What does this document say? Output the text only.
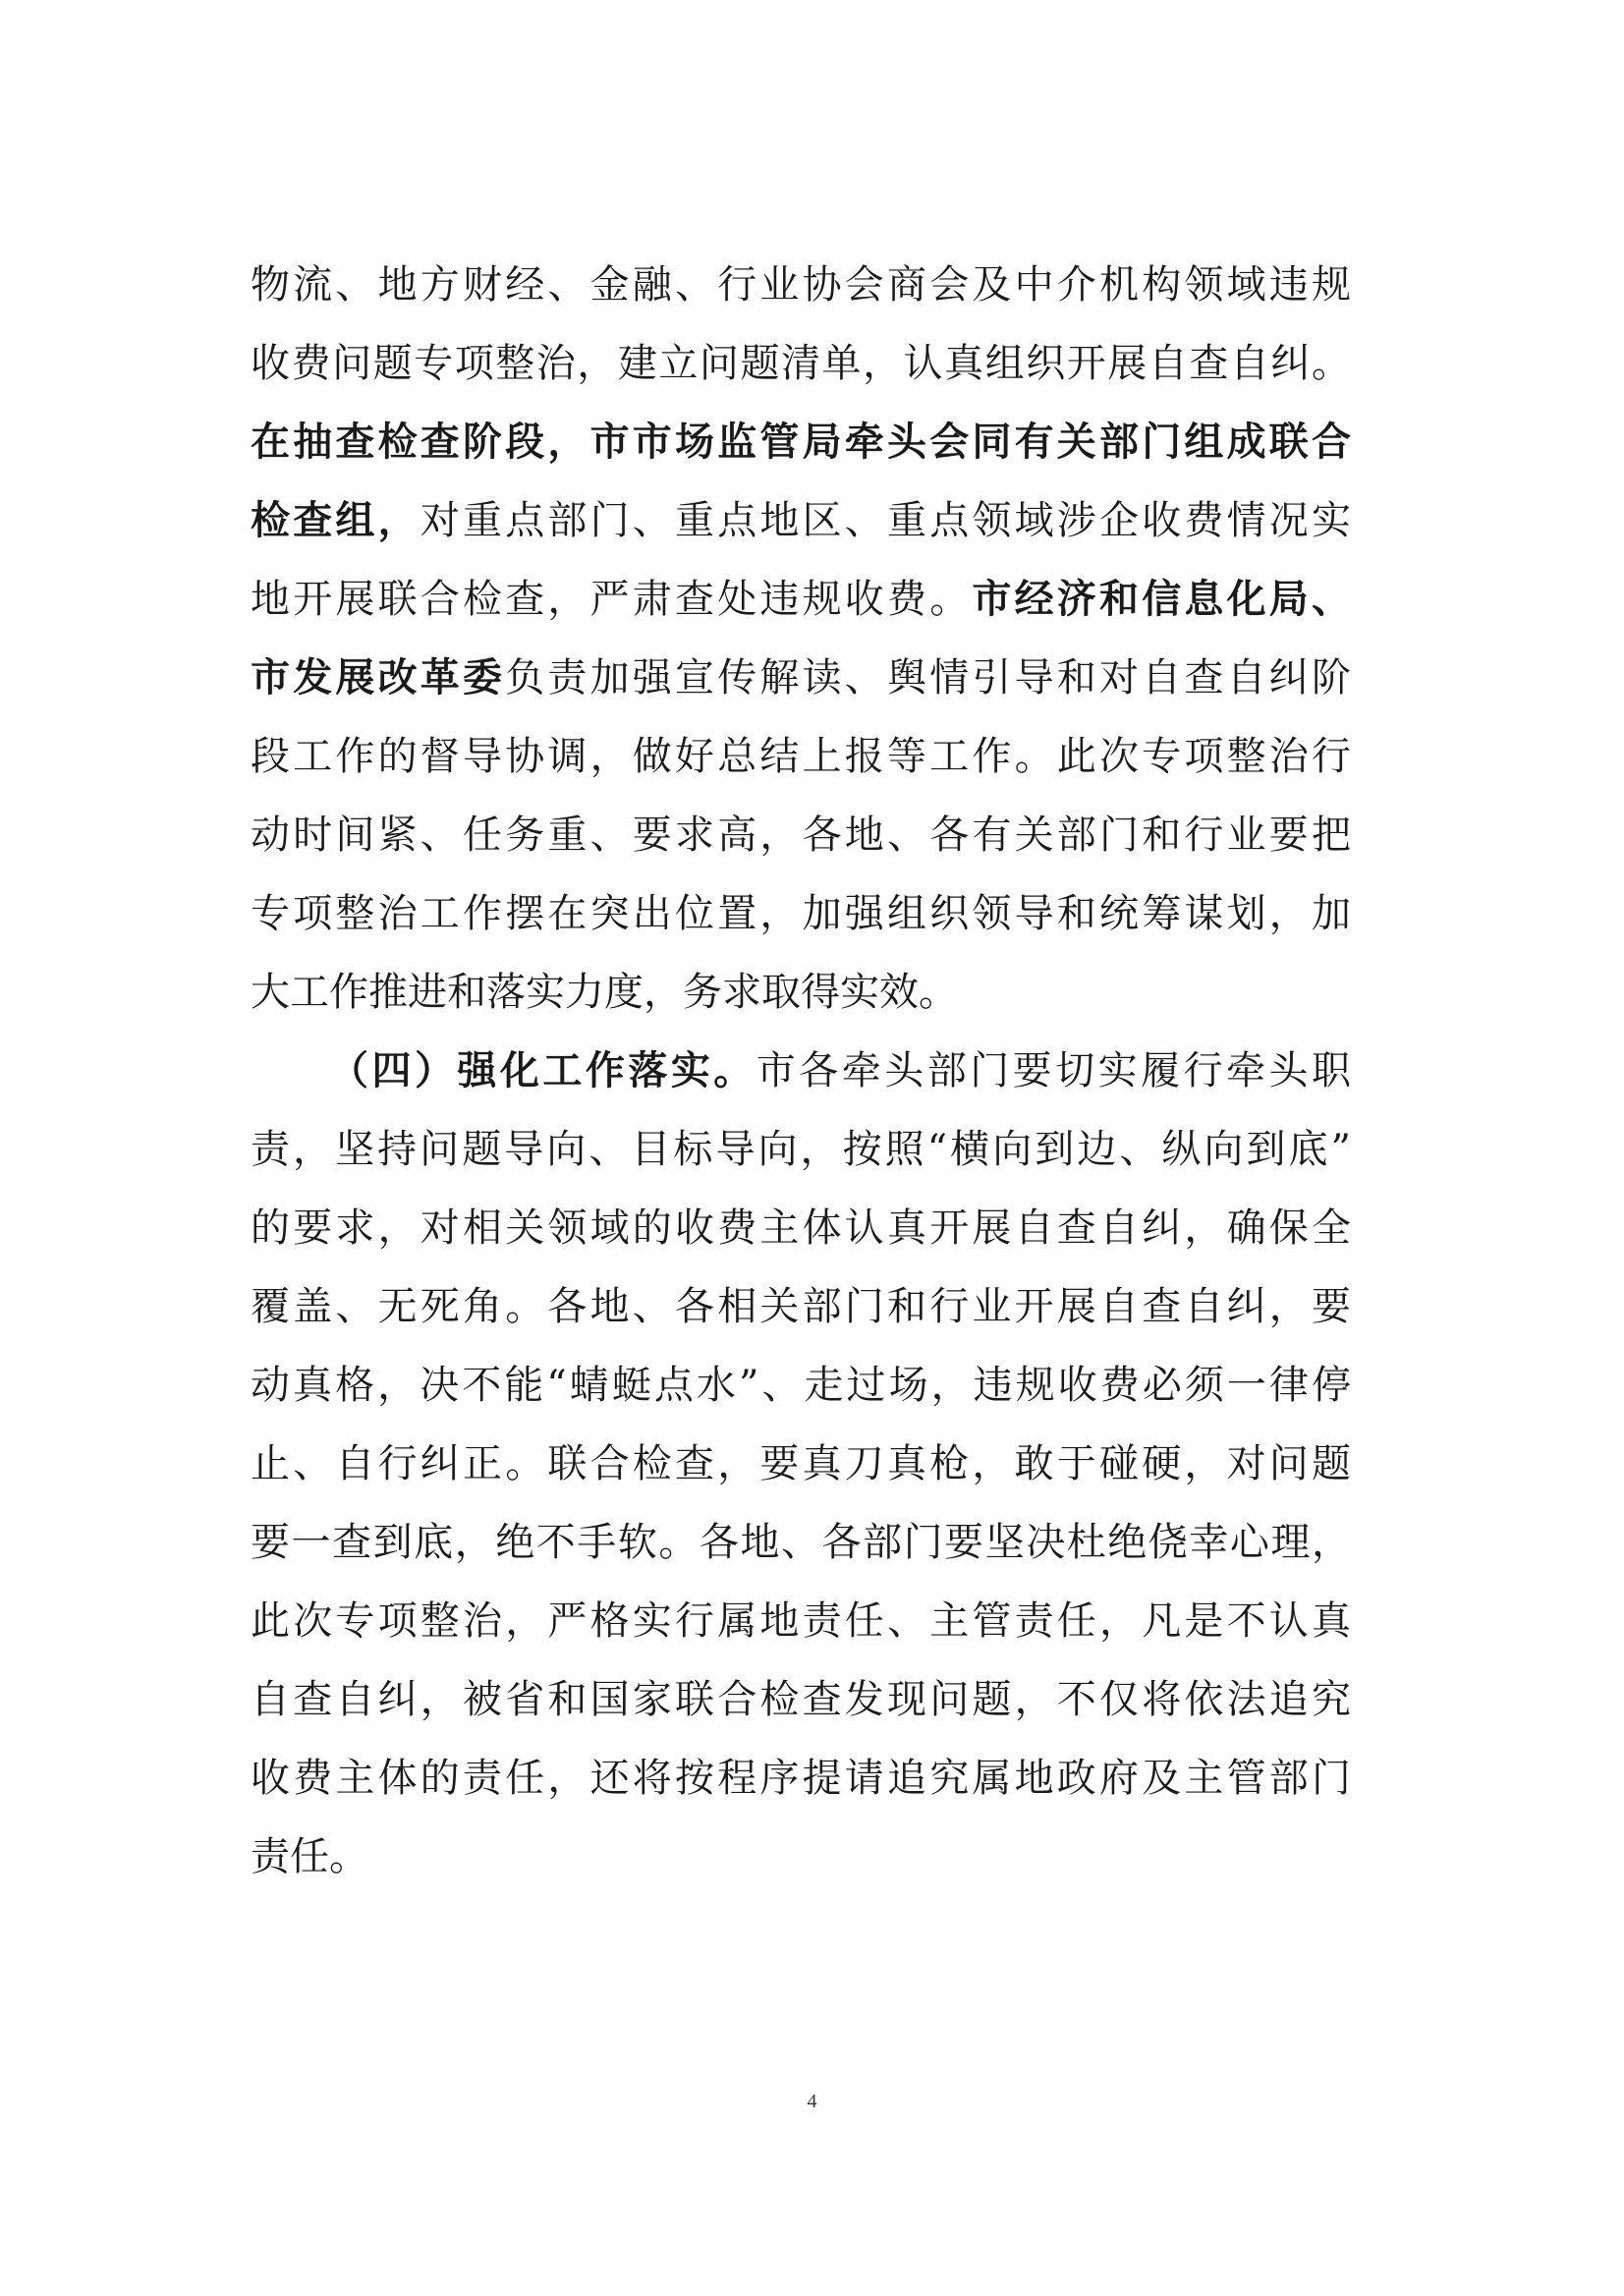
物流、地方财经、金融、行业协会商会及中介机构领域违规
收费问题专项整治，建立问题清单，认真组织开展自查自纠。
在抽查检查阶段，市市场监管局牵头会同有关部门组成联合
检查组，对重点部门、重点地区、重点领域涉企收费情况实
地开展联合检查，严肃查处违规收费。市经济和信息化局、
市发展改革委负责加强宣传解读、舆情引导和对自查自纠阶
段工作的督导协调，做好总结上报等工作。此次专项整治行
动时间紧、任务重、要求高，各地、各有关部门和行业要把
专项整治工作摆在突出位置，加强组织领导和统筹谋划，加
大工作推进和落实力度，务求取得实效。
（四）强化工作落实。市各牵头部门要切实履行牵头职
责，坚持问题导向、目标导向，按照“横向到边、纵向到底”
的要求，对相关领域的收费主体认真开展自查自纠，确保全
覆盖、无死角。各地、各相关部门和行业开展自查自纠，要
动真格，决不能“蜻蜓点水”、走过场，违规收费必须一律停
止、自行纠正。联合检查，要真刀真枪，敢于碰硬，对问题
要一查到底，绝不手软。各地、各部门要坚决杜绝侥幸心理，
此次专项整治，严格实行属地责任、主管责任，凡是不认真
自查自纠，被省和国家联合检查发现问题，不仅将依法追究
收费主体的责任，还将按程序提请追究属地政府及主管部门
责任。
4
